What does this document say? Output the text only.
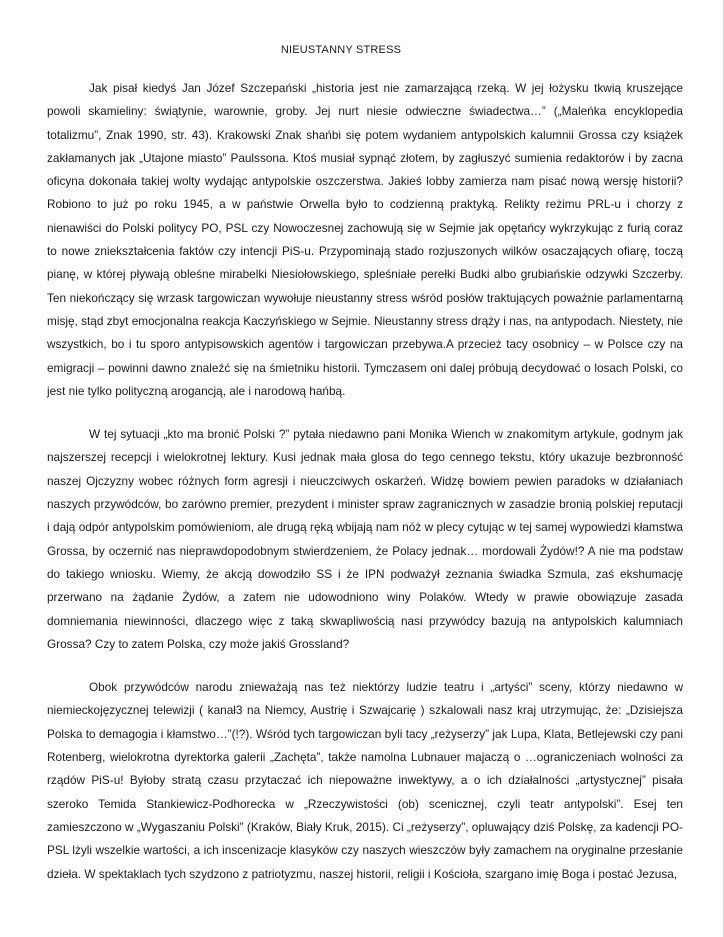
NIEUSTANNY STRESS

Jak pisał kiedyś Jan Józef Szczepański „historia jest nie zamarzającą rzeką. W jej łożysku tkwią kruszejące powoli skamieliny: świątynie, warownie, groby. Jej nurt niesie odwieczne świadectwa…” („Maleńka encyklopedia totalizmu”, Znak 1990, str. 43). Krakowski Znak shańbi się potem wydaniem antypolskich kalumnii Grossa czy książek zakłamanych jak „Utajone miasto” Paulssona. Ktoś musiał sypnąć złotem, by zagłuszyć sumienia redaktorów i by zacna oficyna dokonała takiej wolty wydając antypolskie oszczerstwa. Jakieś lobby zamierza nam pisać nową wersję historii? Robiono to już po roku 1945, a w państwie Orwella było to codzienną praktyką. Relikty reżimu PRL-u i chorzy z nienawiści do Polski politycy PO, PSL czy Nowoczesnej zachowują się w Sejmie jak opętańcy wykrzykując z furią coraz to nowe zniekształcenia faktów czy intencji PiS-u. Przypominają stado rozjuszonych wilków osaczających ofiarę, toczą pianę, w której pływają obleśne mirabelki Niesiołowskiego, spleśniałe perełki Budki albo grubiańskie odzywki Szczerby. Ten niekończący się wrzask targowiczan wywołuje nieustanny stress wśród posłów traktujących poważnie parlamentarną misję, stąd zbyt emocjonalna reakcja Kaczyńskiego w Sejmie. Nieustanny stress drąży i nas, na antypodach. Niestety, nie wszystkich, bo i tu sporo antypisowskich agentów i targowiczan przebywa.A przecież tacy osobnicy – w Polsce czy na emigracji – powinni dawno znaleźć się na śmietniku historii. Tymczasem oni dalej próbują decydować o losach Polski, co jest nie tylko polityczną arogancją, ale i narodową hańbą.

W tej sytuacji „kto ma bronić Polski ?” pytała niedawno pani Monika Wiench w znakomitym artykule, godnym jak najszerszej recepcji i wielokrotnej lektury. Kusi jednak mała glosa do tego cennego tekstu, który ukazuje bezbronność naszej Ojczyzny wobec różnych form agresji i nieuczciwych oskarżeń. Widzę bowiem pewien paradoks w działaniach naszych przywódców, bo zarówno premier, prezydent i minister spraw zagranicznych w zasadzie bronią polskiej reputacji i dają odpór antypolskim pomówieniom, ale drugą ręką wbijają nam nóż w plecy cytując w tej samej wypowiedzi kłamstwa Grossa, by oczernić nas nieprawdopodobnym stwierdzeniem, że Polacy jednak… mordowali Żydów!? A nie ma podstaw do takiego wniosku. Wiemy, że akcją dowodziło SS i że IPN podważył zeznania świadka Szmula, zaś ekshumację przerwano na żądanie Żydów, a zatem nie udowodniono winy Polaków. Wtedy w prawie obowiązuje zasada domniemania niewinności, dlaczego więc z taką skwapliwością nasi przywódcy bazują na antypolskich kalumniach Grossa? Czy to zatem Polska, czy może jakiś Grossland?

Obok przywódców narodu znieważają nas też niektórzy ludzie teatru i „artyści” sceny, którzy niedawno w niemieckojęzycznej telewizji ( kanał3 na Niemcy, Austrię i Szwajcarię ) szkalowali nasz kraj utrzymując, że: „Dzisiejsza Polska to demagogia i kłamstwo…”(!?). Wśród tych targowiczan byli tacy „reżyserzy” jak Lupa, Klata, Betlejewski czy pani Rotenberg, wielokrotna dyrektorka galerii „Zachęta”, także namolna Lubnauer majaczą o …ograniczeniach wolności za rządów PiS-u! Byłoby stratą czasu przytaczać ich niepoważne inwektywy, a o ich działalności „artystycznej” pisała szeroko Temida Stankiewicz-Podhorecka w „Rzeczywistości (ob) scenicznej, czyli teatr antypolski”. Esej ten zamieszczono w „Wygaszaniu Polski” (Kraków, Biały Kruk, 2015). Ci „reżyserzy”, opluwający dziś Polskę, za kadencji PO-PSL lżyli wszelkie wartości, a ich inscenizacje klasyków czy naszych wieszczów były zamachem na oryginalne przesłanie dzieła. W spektaklach tych szydzono z patriotyzmu, naszej historii, religii i Kościoła, szargano imię Boga i postać Jezusa,
